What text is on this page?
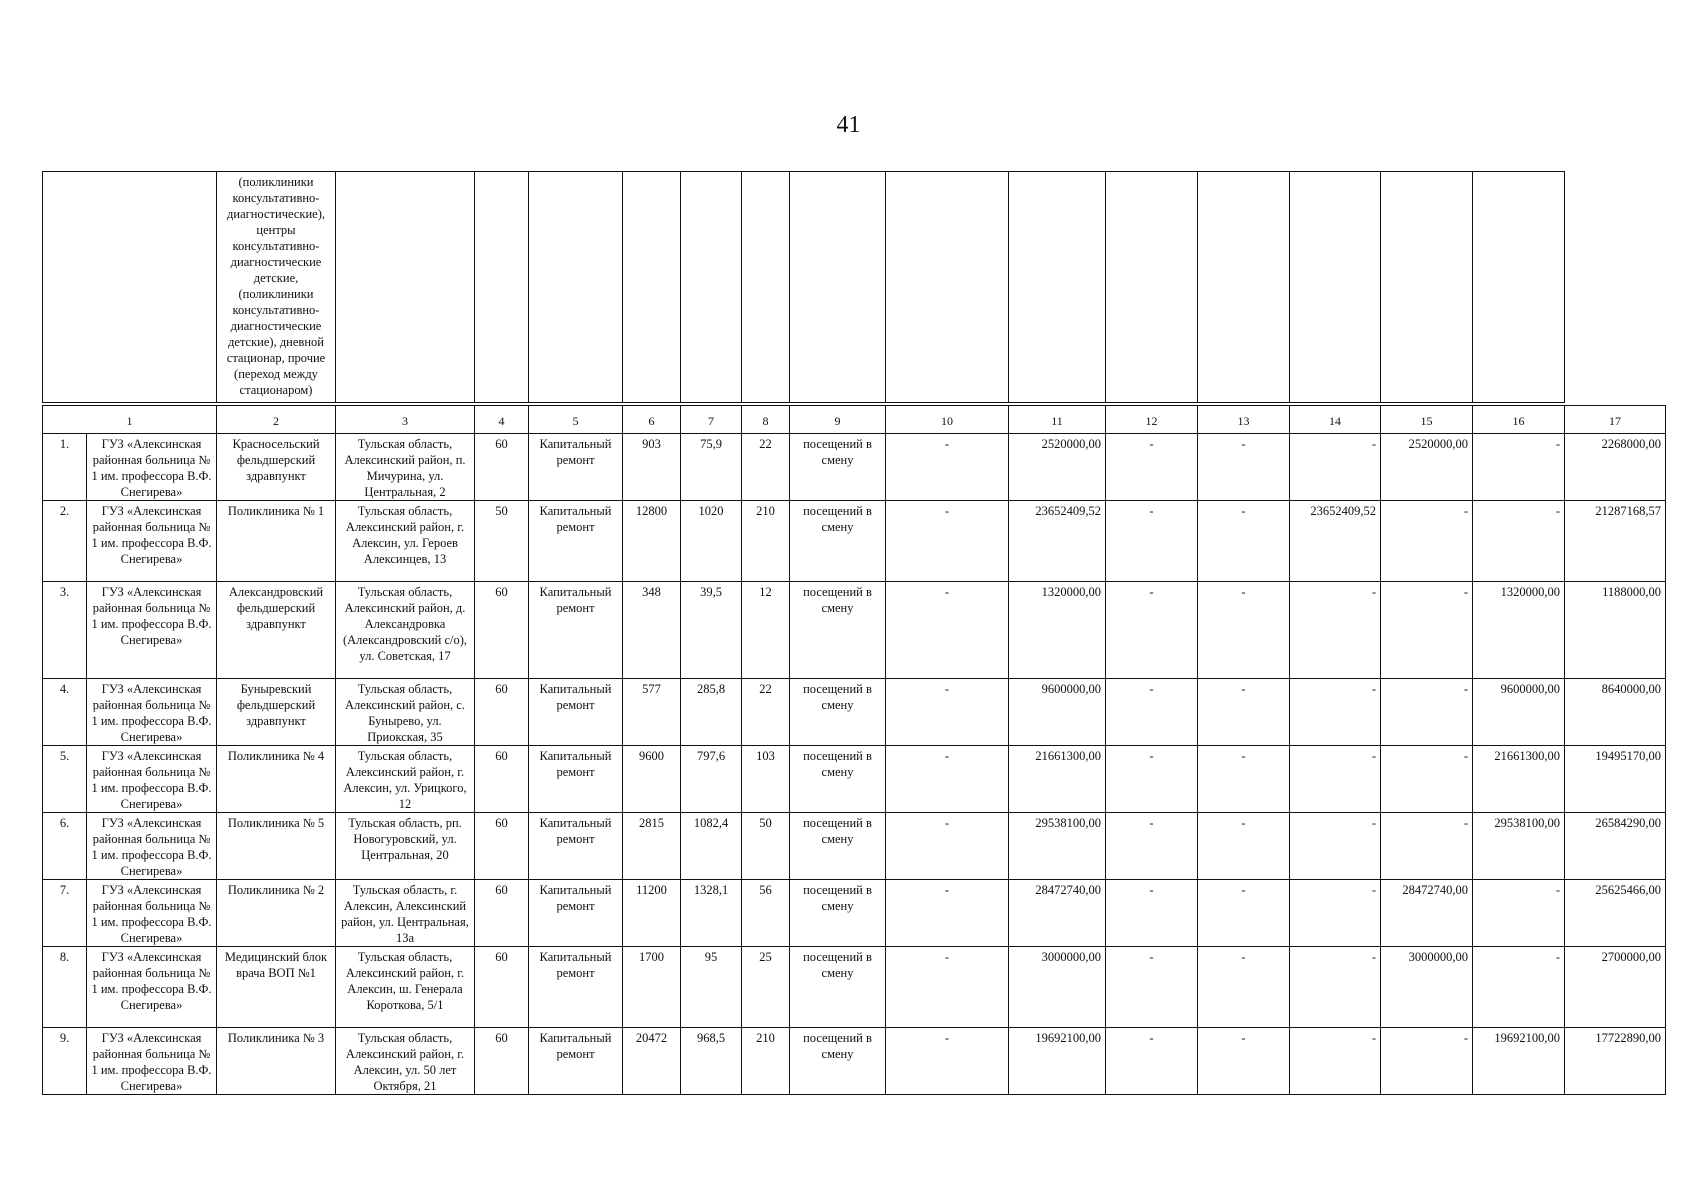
41
	(поликлиники консультативно-диагностические), центры консультативно-диагностические детские, (поликлиники консультативно-диагностические детские), дневной стационар, прочие (переход между стационаром)														
1		2	3	4	5	6	7	8	9	10	11	12	13	14	15	16	17
1.	ГУЗ «Алексинская районная больница № 1 им. профессора В.Ф. Снегирева»	Красносельский фельдшерский здравпункт	Тульская область, Алексинский район, п. Мичурина, ул. Центральная, 2	60	Капитальный ремонт	903	75,9	22	посещений в смену	-	2520000,00	-	-	-	2520000,00	-	2268000,00
2.	ГУЗ «Алексинская районная больница № 1 им. профессора В.Ф. Снегирева»	Поликлиника № 1	Тульская область, Алексинский район, г. Алексин, ул. Героев Алексинцев, 13	50	Капитальный ремонт	12800	1020	210	посещений в смену	-	23652409,52	-	-	23652409,52	-	-	21287168,57
3.	ГУЗ «Алексинская районная больница № 1 им. профессора В.Ф. Снегирева»	Александровский фельдшерский здравпункт	Тульская область, Алексинский район, д. Александровка (Александровский с/о), ул. Советская, 17	60	Капитальный ремонт	348	39,5	12	посещений в смену	-	1320000,00	-	-	-	-	1320000,00	1188000,00
4.	ГУЗ «Алексинская районная больница № 1 им. профессора В.Ф. Снегирева»	Буныревский фельдшерский здравпункт	Тульская область, Алексинский район, с. Бунырево, ул. Приокская, 35	60	Капитальный ремонт	577	285,8	22	посещений в смену	-	9600000,00	-	-	-	-	9600000,00	8640000,00
5.	ГУЗ «Алексинская районная больница № 1 им. профессора В.Ф. Снегирева»	Поликлиника № 4	Тульская область, Алексинский район, г. Алексин, ул. Урицкого, 12	60	Капитальный ремонт	9600	797,6	103	посещений в смену	-	21661300,00	-	-	-	-	21661300,00	19495170,00
6.	ГУЗ «Алексинская районная больница № 1 им. профессора В.Ф. Снегирева»	Поликлиника № 5	Тульская область, рп. Новогуровский, ул. Центральная, 20	60	Капитальный ремонт	2815	1082,4	50	посещений в смену	-	29538100,00	-	-	-	-	29538100,00	26584290,00
7.	ГУЗ «Алексинская районная больница № 1 им. профессора В.Ф. Снегирева»	Поликлиника № 2	Тульская область, г. Алексин, Алексинский район, ул. Центральная, 13а	60	Капитальный ремонт	11200	1328,1	56	посещений в смену	-	28472740,00	-	-	-	28472740,00	-	25625466,00
8.	ГУЗ «Алексинская районная больница № 1 им. профессора В.Ф. Снегирева»	Медицинский блок врача ВОП №1	Тульская область, Алексинский район, г. Алексин, ш. Генерала Короткова, 5/1	60	Капитальный ремонт	1700	95	25	посещений в смену	-	3000000,00	-	-	-	3000000,00	-	2700000,00
9.	ГУЗ «Алексинская районная больница № 1 им. профессора В.Ф. Снегирева»	Поликлиника № 3	Тульская область, Алексинский район, г. Алексин, ул. 50 лет Октября, 21	60	Капитальный ремонт	20472	968,5	210	посещений в смену	-	19692100,00	-	-	-	-	19692100,00	17722890,00
